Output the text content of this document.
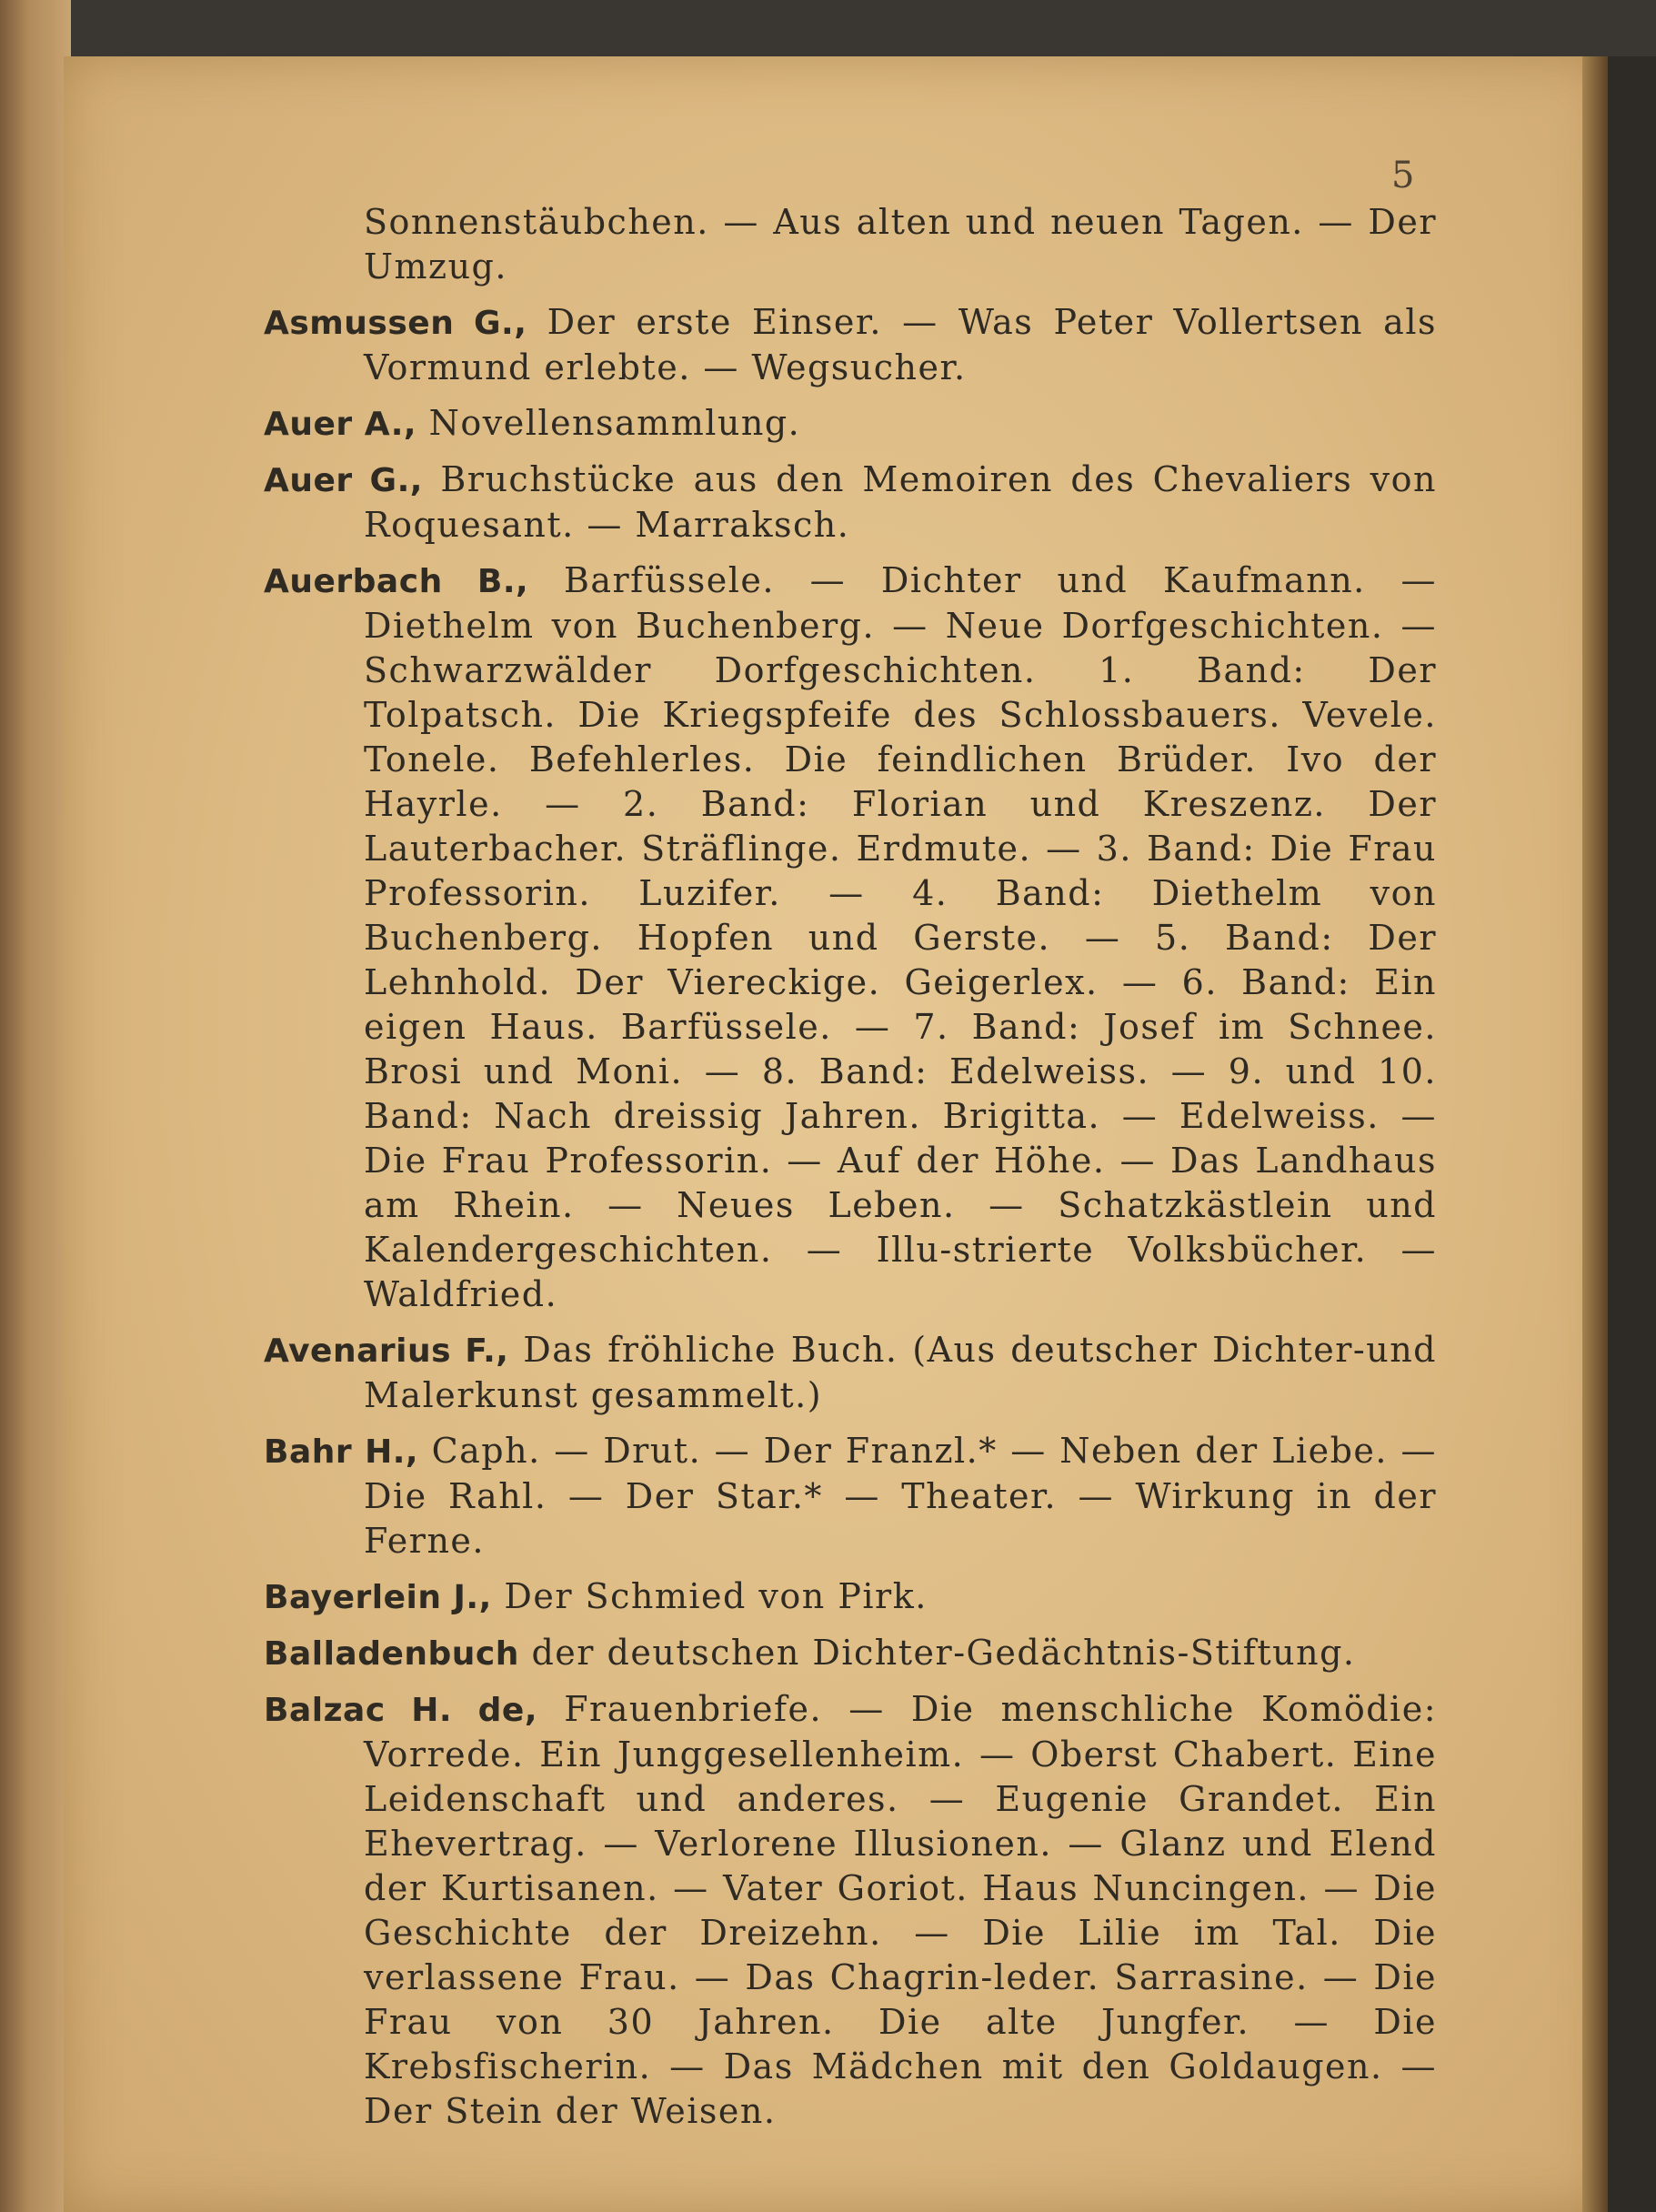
5
Sonnenstäubchen. — Aus alten und neuen Tagen. — Der Umzug.
Asmussen G., Der erste Einser. — Was Peter Vollertsen als Vormund erlebte. — Wegsucher.
Auer A., Novellensammlung.
Auer G., Bruchstücke aus den Memoiren des Chevaliers von Roquesant. — Marraksch.
Auerbach B., Barfüssele. — Dichter und Kaufmann. — Diethelm von Buchenberg. — Neue Dorfgeschichten. — Schwarzwälder Dorfgeschichten. 1. Band: Der Tolpatsch. Die Kriegspfeife des Schlossbauers. Vevele. Tonele. Befehlerles. Die feindlichen Brüder. Ivo der Hayrle. — 2. Band: Florian und Kreszenz. Der Lauterbacher. Sträflinge. Erdmute. — 3. Band: Die Frau Professorin. Luzifer. — 4. Band: Diethelm von Buchenberg. Hopfen und Gerste. — 5. Band: Der Lehnhold. Der Viereckige. Geigerlex. — 6. Band: Ein eigen Haus. Barfüssele. — 7. Band: Josef im Schnee. Brosi und Moni. — 8. Band: Edelweiss. — 9. und 10. Band: Nach dreissig Jahren. Brigitta. — Edelweiss. — Die Frau Professorin. — Auf der Höhe. — Das Landhaus am Rhein. — Neues Leben. — Schatzkästlein und Kalendergeschichten. — Illu-strierte Volksbücher. — Waldfried.
Avenarius F., Das fröhliche Buch. (Aus deutscher Dichter-und Malerkunst gesammelt.)
Bahr H., Caph. — Drut. — Der Franzl.* — Neben der Liebe. — Die Rahl. — Der Star.* — Theater. — Wirkung in der Ferne.
Bayerlein J., Der Schmied von Pirk.
Balladenbuch der deutschen Dichter-Gedächtnis-Stiftung.
Balzac H. de, Frauenbriefe. — Die menschliche Komödie: Vorrede. Ein Junggesellenheim. — Oberst Chabert. Eine Leidenschaft und anderes. — Eugenie Grandet. Ein Ehevertrag. — Verlorene Illusionen. — Glanz und Elend der Kurtisanen. — Vater Goriot. Haus Nuncingen. — Die Geschichte der Dreizehn. — Die Lilie im Tal. Die verlassene Frau. — Das Chagrin-leder. Sarrasine. — Die Frau von 30 Jahren. Die alte Jungfer. — Die Krebsfischerin. — Das Mädchen mit den Goldaugen. — Der Stein der Weisen.
